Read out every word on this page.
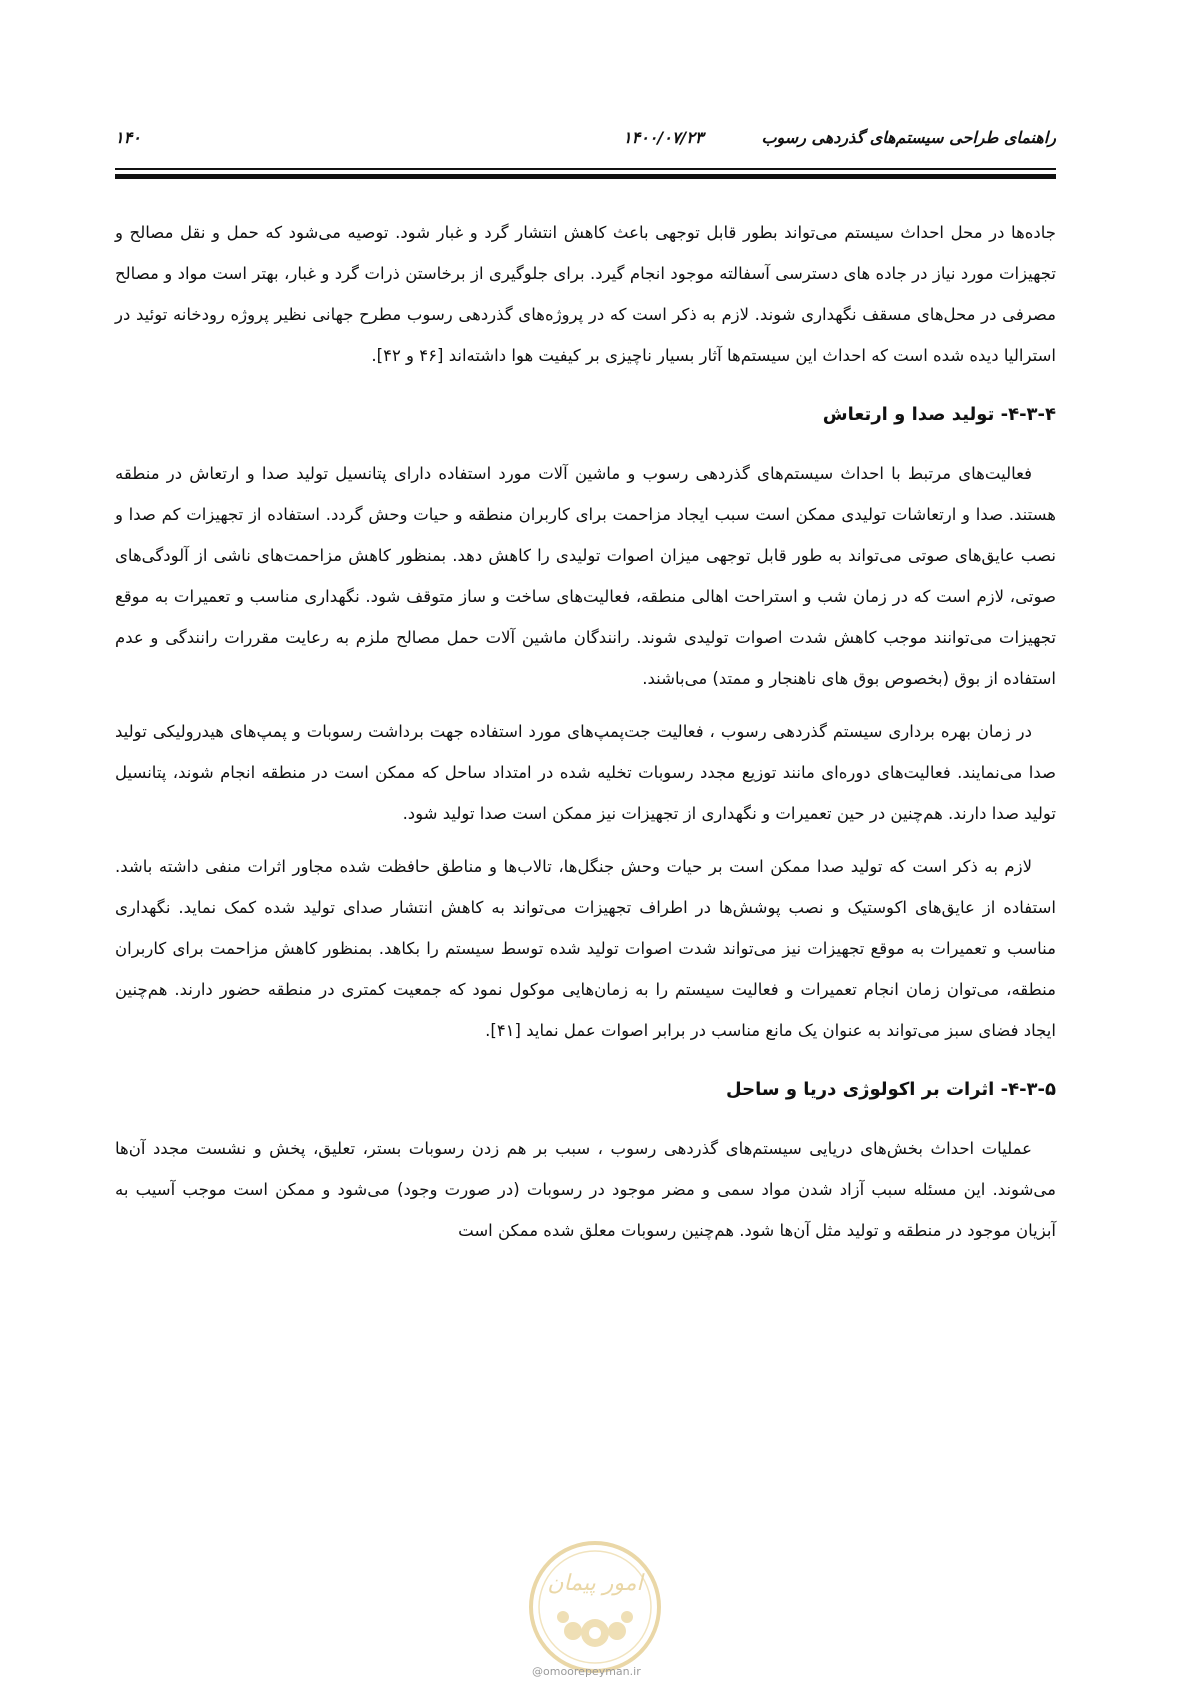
۱۴۰	۱۴۰۰/۰۷/۲۳	راهنمای طراحی سیستم‌های گذردهی رسوب

جاده‌ها در محل احداث سیستم می‌تواند بطور قابل توجهی باعث کاهش انتشار گرد و غبار شود. توصیه می‌شود که حمل و نقل مصالح و تجهیزات مورد نیاز در جاده های دسترسی آسفالته موجود انجام گیرد. برای جلوگیری از برخاستن ذرات گرد و غبار، بهتر است مواد و مصالح مصرفی در محل‌های مسقف نگهداری شوند. لازم به ذکر است که در پروژه‌های گذردهی رسوب مطرح جهانی نظیر پروژه رودخانه توئید در استرالیا دیده شده است که احداث این سیستم‌ها آثار بسیار ناچیزی بر کیفیت هوا داشته‌اند [۴۶ و ۴۲].

۴-۳-۴- تولید صدا و ارتعاش

فعالیت‌های مرتبط با احداث سیستم‌های گذردهی رسوب و ماشین آلات مورد استفاده دارای پتانسیل تولید صدا و ارتعاش در منطقه هستند. صدا و ارتعاشات تولیدی ممکن است سبب ایجاد مزاحمت برای کاربران منطقه و حیات وحش گردد. استفاده از تجهیزات کم صدا و نصب عایق‌های صوتی می‌تواند به طور قابل توجهی میزان اصوات تولیدی را کاهش دهد. بمنظور کاهش مزاحمت‌های ناشی از آلودگی‌های صوتی، لازم است که در زمان شب و استراحت اهالی منطقه، فعالیت‌های ساخت و ساز متوقف شود. نگهداری مناسب و تعمیرات به موقع تجهیزات می‌توانند موجب کاهش شدت اصوات تولیدی شوند. رانندگان ماشین آلات حمل مصالح ملزم به رعایت مقررات رانندگی و عدم استفاده از بوق (بخصوص بوق های ناهنجار و ممتد) می‌باشند.

در زمان بهره برداری سیستم گذردهی رسوب ، فعالیت جت‌پمپ‌های مورد استفاده جهت برداشت رسوبات و پمپ‌های هیدرولیکی تولید صدا می‌نمایند. فعالیت‌های دوره‌ای مانند توزیع مجدد رسوبات تخلیه شده در امتداد ساحل که ممکن است در منطقه انجام شوند، پتانسیل تولید صدا دارند. هم‌چنین در حین تعمیرات و نگهداری از تجهیزات نیز ممکن است صدا تولید شود.

لازم به ذکر است که تولید صدا ممکن است بر حیات وحش جنگل‌ها، تالاب‌ها و مناطق حافظت شده مجاور اثرات منفی داشته باشد. استفاده از عایق‌های اکوستیک و نصب پوشش‌ها در اطراف تجهیزات می‌تواند به کاهش انتشار صدای تولید شده کمک نماید. نگهداری مناسب و تعمیرات به موقع تجهیزات نیز می‌تواند شدت اصوات تولید شده توسط سیستم را بکاهد. بمنظور کاهش مزاحمت برای کاربران منطقه، می‌توان زمان انجام تعمیرات و فعالیت سیستم را به زمان‌هایی موکول نمود که جمعیت کمتری در منطقه حضور دارند. هم‌چنین ایجاد فضای سبز می‌تواند به عنوان یک مانع مناسب در برابر اصوات عمل نماید [۴۱].

۴-۳-۵- اثرات بر اکولوژی دریا و ساحل

عملیات احداث بخش‌های دریایی سیستم‌های گذردهی رسوب ، سبب بر هم زدن رسوبات بستر، تعلیق، پخش و نشست مجدد آن‌ها می‌شوند. این مسئله سبب آزاد شدن مواد سمی و مضر موجود در رسوبات (در صورت وجود) می‌شود و ممکن است موجب آسیب به آبزیان موجود در منطقه و تولید مثل آن‌ها شود. هم‌چنین رسوبات معلق شده ممکن است

امور پیمان
@omoorepeyman.ir
